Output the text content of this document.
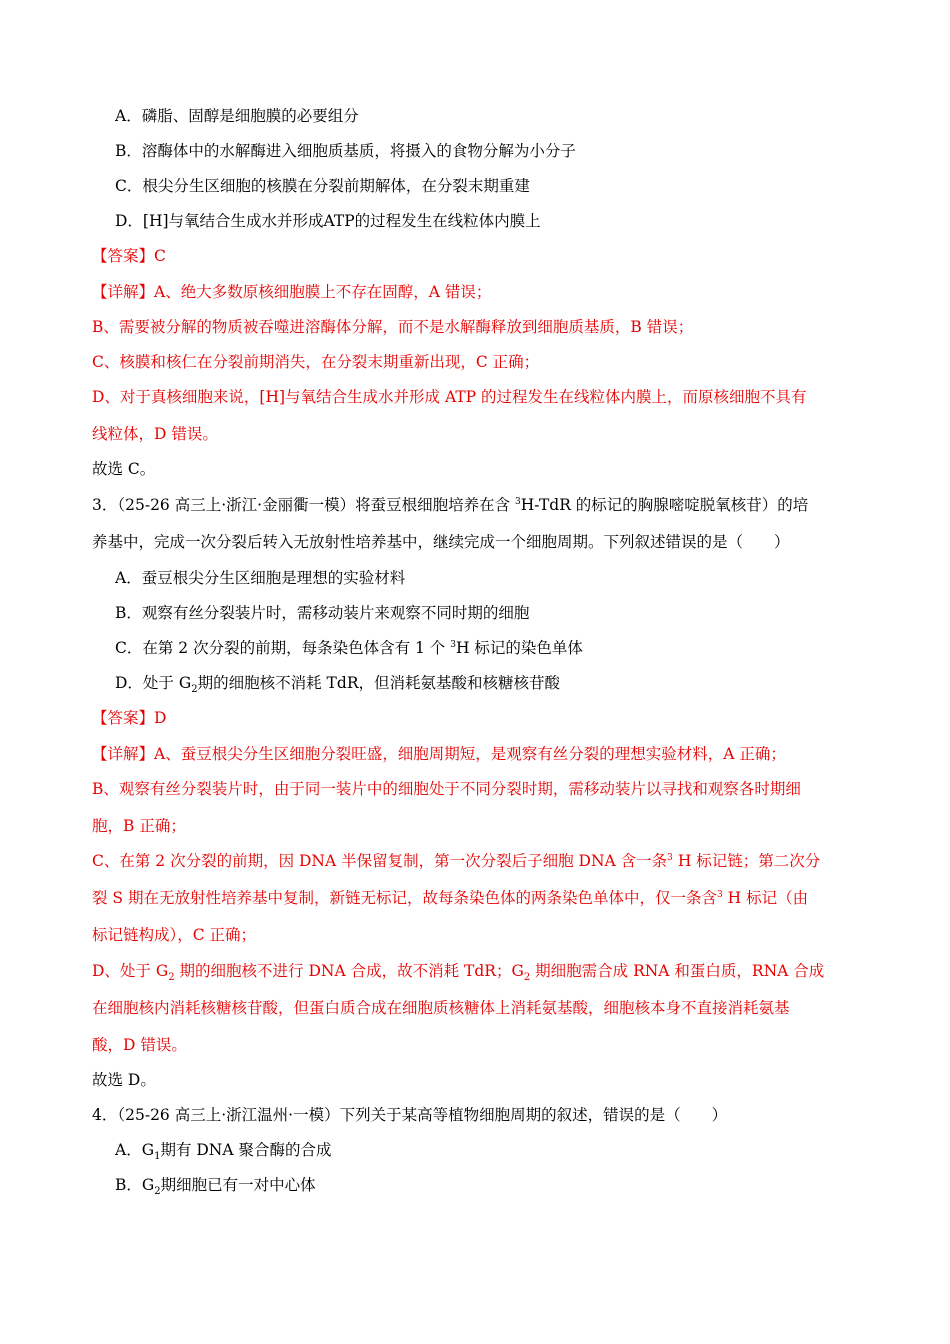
A．磷脂、固醇是细胞膜的必要组分
B．溶酶体中的水解酶进入细胞质基质，将摄入的食物分解为小分子
C．根尖分生区细胞的核膜在分裂前期解体，在分裂末期重建
D．[H]与氧结合生成水并形成ATP的过程发生在线粒体内膜上
【答案】C
【详解】A、绝大多数原核细胞膜上不存在固醇，A 错误；
B、需要被分解的物质被吞噬进溶酶体分解，而不是水解酶释放到细胞质基质，B 错误；
C、核膜和核仁在分裂前期消失，在分裂末期重新出现，C 正确；
D、对于真核细胞来说，[H]与氧结合生成水并形成 ATP 的过程发生在线粒体内膜上，而原核细胞不具有
线粒体，D 错误。
故选 C。
3．（25-26 高三上·浙江·金丽衢一模）将蚕豆根细胞培养在含 $^3$H-TdR 的标记的胸腺嘧啶脱氧核苷）的培
养基中，完成一次分裂后转入无放射性培养基中，继续完成一个细胞周期。下列叙述错误的是（　　）
A．蚕豆根尖分生区细胞是理想的实验材料
B．观察有丝分裂装片时，需移动装片来观察不同时期的细胞
C．在第 2 次分裂的前期，每条染色体含有 1 个 $^3$H 标记的染色单体
D．处于 $G_2$期的细胞核不消耗 TdR，但消耗氨基酸和核糖核苷酸
【答案】D
【详解】A、蚕豆根尖分生区细胞分裂旺盛，细胞周期短，是观察有丝分裂的理想实验材料，A 正确；
B、观察有丝分裂装片时，由于同一装片中的细胞处于不同分裂时期，需移动装片以寻找和观察各时期细
胞，B 正确；
C、在第 2 次分裂的前期，因 DNA 半保留复制，第一次分裂后子细胞 DNA 含一条$^3$ H 标记链；第二次分
裂 S 期在无放射性培养基中复制，新链无标记，故每条染色体的两条染色单体中，仅一条含$^3$ H 标记（由
标记链构成），C 正确；
D、处于 $G_2$ 期的细胞核不进行 DNA 合成，故不消耗 TdR；$G_2$ 期细胞需合成 RNA 和蛋白质，RNA 合成
在细胞核内消耗核糖核苷酸，但蛋白质合成在细胞质核糖体上消耗氨基酸，细胞核本身不直接消耗氨基
酸，D 错误。
故选 D。
4．（25-26 高三上·浙江温州·一模）下列关于某高等植物细胞周期的叙述，错误的是（　　）
A．$G_1$期有 DNA 聚合酶的合成
B．$G_2$期细胞已有一对中心体
